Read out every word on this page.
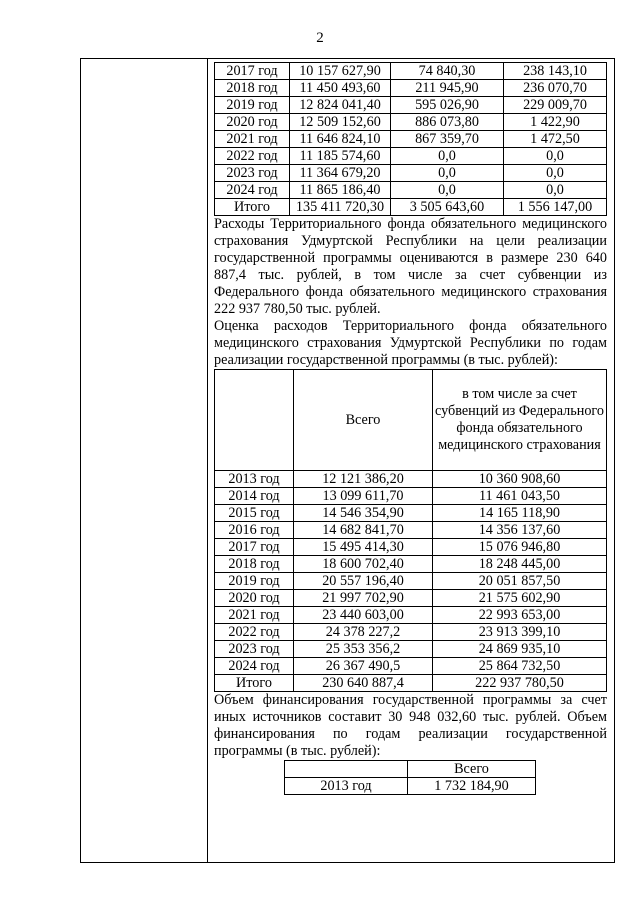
2
2017 год	10 157 627,90	74 840,30	238 143,10
2018 год	11 450 493,60	211 945,90	236 070,70
2019 год	12 824 041,40	595 026,90	229 009,70
2020 год	12 509 152,60	886 073,80	1 422,90
2021 год	11 646 824,10	867 359,70	1 472,50
2022 год	11 185 574,60	0,0	0,0
2023 год	11 364 679,20	0,0	0,0
2024 год	11 865 186,40	0,0	0,0
Итого	135 411 720,30	3 505 643,60	1 556 147,00

Расходы Территориального фонда обязательного медицинского страхования Удмуртской Республики на цели реализации государственной программы оцениваются в размере 230 640 887,4 тыс. рублей, в том числе за счет субвенции из Федерального фонда обязательного медицинского страхования 222 937 780,50 тыс. рублей.

Оценка расходов Территориального фонда обязательного медицинского страхования Удмуртской Республики по годам реализации государственной программы (в тыс. рублей):

	Всего	в том числе за счет субвенций из Федерального фонда обязательного медицинского страхования
2013 год	12 121 386,20	10 360 908,60
2014 год	13 099 611,70	11 461 043,50
2015 год	14 546 354,90	14 165 118,90
2016 год	14 682 841,70	14 356 137,60
2017 год	15 495 414,30	15 076 946,80
2018 год	18 600 702,40	18 248 445,00
2019 год	20 557 196,40	20 051 857,50
2020 год	21 997 702,90	21 575 602,90
2021 год	23 440 603,00	22 993 653,00
2022 год	24 378 227,2	23 913 399,10
2023 год	25 353 356,2	24 869 935,10
2024 год	26 367 490,5	25 864 732,50
Итого	230 640 887,4	222 937 780,50

Объем финансирования государственной программы за счет иных источников составит 30 948 032,60 тыс. рублей. Объем финансирования по годам реализации государственной программы (в тыс. рублей):

	Всего
2013 год	1 732 184,90
